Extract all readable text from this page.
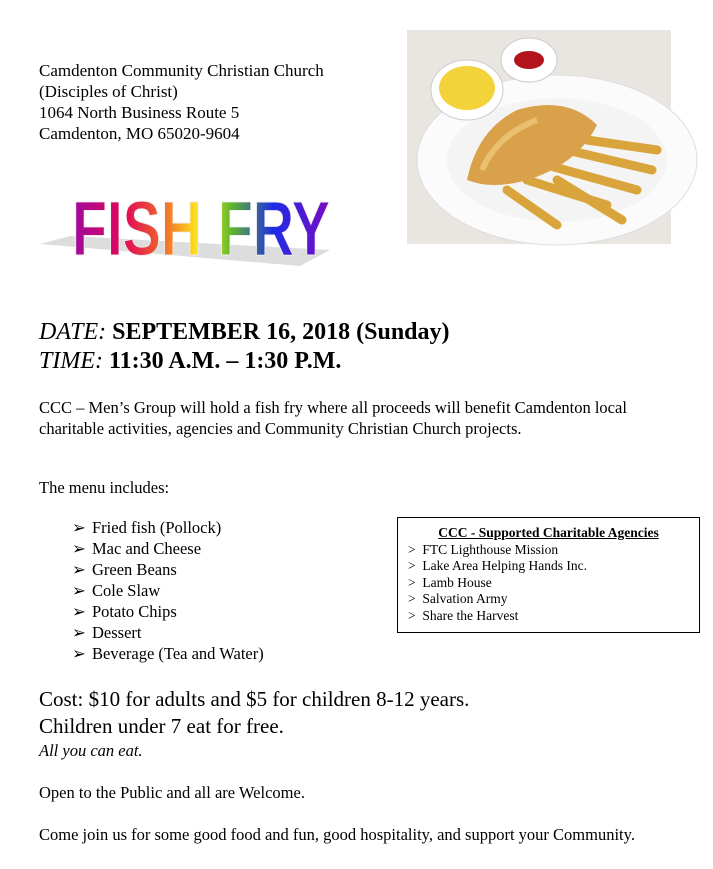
Camdenton Community Christian Church
(Disciples of Christ)
1064 North Business Route 5
Camdenton, MO 65020-9604
FISH FRY
DATE: SEPTEMBER 16, 2018 (Sunday)
TIME: 11:30 A.M. – 1:30 P.M.
CCC – Men’s Group will hold a fish fry where all proceeds will benefit Camdenton local charitable activities, agencies and Community Christian Church projects.
The menu includes:
➢ Fried fish (Pollock)
➢ Mac and Cheese
➢ Green Beans
➢ Cole Slaw
➢ Potato Chips
➢ Dessert
➢ Beverage (Tea and Water)
CCC - Supported Charitable Agencies
> FTC Lighthouse Mission
> Lake Area Helping Hands Inc.
> Lamb House
> Salvation Army
> Share the Harvest
Cost: $10 for adults and $5 for children 8-12 years.
Children under 7 eat for free.
All you can eat.
Open to the Public and all are Welcome.
Come join us for some good food and fun, good hospitality, and support your Community.
